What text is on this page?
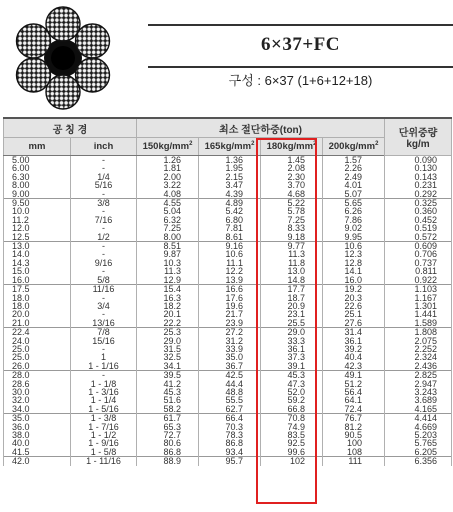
6×37+FC
구성 : 6×37 (1+6+12+18)
공 칭 경		최소 절단하중(ton)				단위중량
kg/m

mm	inch	$150kg/mm^2$	$165kg/mm^2$	$180kg/mm^2$	$200kg/mm^2$
5.00	-	1.26	1.36	1.45	1.57	0.090
6.00	-	1.81	1.95	2.08	2.26	0.130
6.30	1/4	2.00	2.15	2.30	2.49	0.143
8.00	5/16	3.22	3.47	3.70	4.01	0.231
9.00	-	4.08	4.39	4.68	5.07	0.292
9.50	3/8	4.55	4.89	5.22	5.65	0.325
10.0	-	5.04	5.42	5.78	6.26	0.360
11.2	7/16	6.32	6.80	7.25	7.86	0.452
12.0	-	7.25	7.81	8.33	9.02	0.519
12.5	1/2	8.00	8.61	9.18	9.95	0.572
13.0	-	8.51	9.16	9.77	10.6	0.609
14.0	-	9.87	10.6	11.3	12.3	0.706
14.3	9/16	10.3	11.1	11.8	12.8	0.737
15.0	-	11.3	12.2	13.0	14.1	0.811
16.0	5/8	12.9	13.9	14.8	16.0	0.922
17.5	11/16	15.4	16.6	17.7	19.2	1.103
18.0	-	16.3	17.6	18.7	20.3	1.167
18.0	3/4	18.2	19.6	20.9	22.6	1.301
20.0	-	20.1	21.7	23.1	25.1	1.441
21.0	13/16	22.2	23.9	25.5	27.6	1.589
22.4	7/8	25.3	27.2	29.0	31.4	1.808
24.0	15/16	29.0	31.2	33.3	36.1	2.075
25.0	-	31.5	33.9	36.1	39.2	2.252
25.0	1	32.5	35.0	37.3	40.4	2.324
26.0	1 - 1/16	34.1	36.7	39.1	42.3	2.436
28.0	-	39.5	42.5	45.3	49.1	2.825
28.6	1 - 1/8	41.2	44.4	47.3	51.2	2.947
30.0	1 - 3/16	45.3	48.8	52.0	56.4	3.243
32.0	1 - 1/4	51.6	55.5	59.2	64.1	3.689
34.0	1 - 5/16	58.2	62.7	66.8	72.4	4.165
35.0	1 - 3/8	61.7	66.4	70.8	76.7	4.414
36.0	1 - 7/16	65.3	70.3	74.9	81.2	4.669
38.0	1 - 1/2	72.7	78.3	83.5	90.5	5.203
40.0	1 - 9/16	80.6	86.8	92.5	100	5.765
41.5	1 - 5/8	86.8	93.4	99.6	108	6.205
42.0	1 - 11/16	88.9	95.7	102	111	6.356
